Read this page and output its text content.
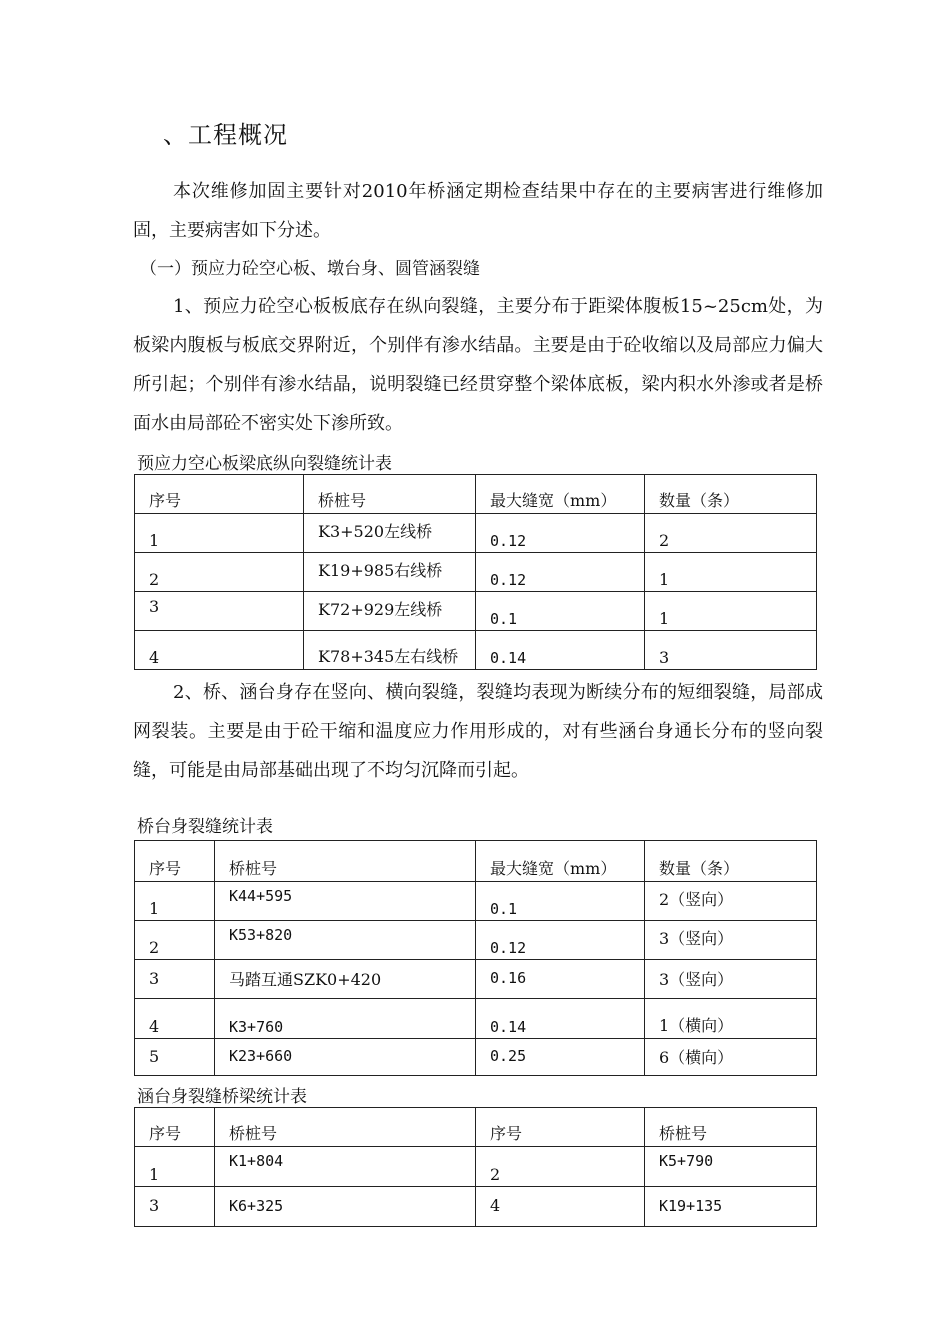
、工程概况
本次维修加固主要针对2010年桥涵定期检查结果中存在的主要病害进行维修加固，主要病害如下分述。
（一）预应力砼空心板、墩台身、圆管涵裂缝
1、预应力砼空心板板底存在纵向裂缝，主要分布于距梁体腹板15~25cm处，为板梁内腹板与板底交界附近，个别伴有渗水结晶。主要是由于砼收缩以及局部应力偏大所引起；个别伴有渗水结晶，说明裂缝已经贯穿整个梁体底板，梁内积水外渗或者是桥面水由局部砼不密实处下渗所致。
预应力空心板梁底纵向裂缝统计表
序号	桥桩号	最大缝宽（mm）	数量（条）
1	K3+520左线桥	0.12	2
2	K19+985右线桥	0.12	1
3	K72+929左线桥	0.1	1
4	K78+345左右线桥	0.14	3
2、桥、涵台身存在竖向、横向裂缝，裂缝均表现为断续分布的短细裂缝，局部成网裂装。主要是由于砼干缩和温度应力作用形成的，对有些涵台身通长分布的竖向裂缝，可能是由局部基础出现了不均匀沉降而引起。
桥台身裂缝统计表
序号	桥桩号	最大缝宽（mm）	数量（条）
1	K44+595	0.1	2（竖向）
2	K53+820	0.12	3（竖向）
3	马踏互通SZK0+420	0.16	3（竖向）
4	K3+760	0.14	1（横向）
5	K23+660	0.25	6（横向）
涵台身裂缝桥梁统计表
序号	桥桩号	序号	桥桩号
1	K1+804	2	K5+790
3	K6+325	4	K19+135
